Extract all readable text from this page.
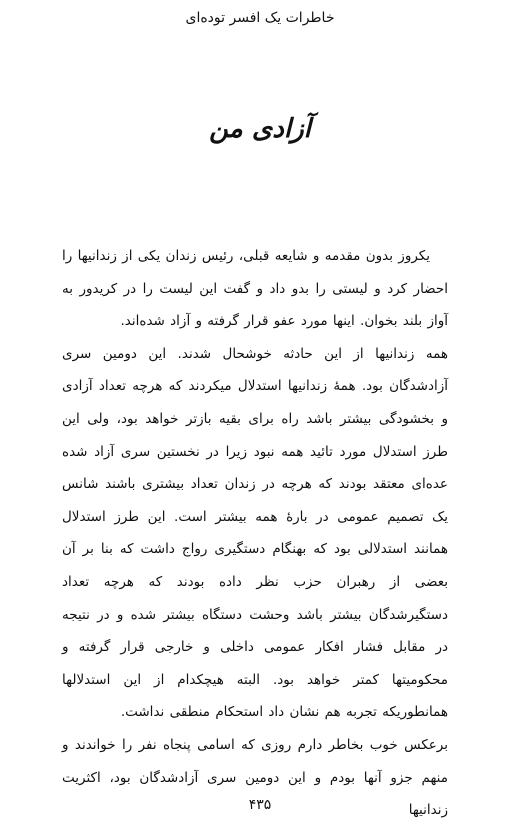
خاطرات یک افسر توده‌ای
آزادی من

یکروز بدون مقدمه و شایعه قبلی، رئیس زندان یکی از زندانیها را احضار کرد و لیستی را بدو داد و گفت این لیست را در کریدور به آواز بلند بخوان. اینها مورد عفو قرار گرفته و آزاد شده‌اند.

همه زندانیها از این حادثه خوشحال شدند. این دومین سری آزادشدگان بود. همهٔ زندانیها استدلال میکردند که هرچه تعداد آزادی و بخشودگی بیشتر باشد راه برای بقیه بازتر خواهد بود، ولی این طرز استدلال مورد تائید همه نبود زیرا در نخستین سری آزاد شده عده‌ای معتقد بودند که هرچه در زندان تعداد بیشتری باشند شانس یک تصمیم عمومی در بارهٔ همه بیشتر است. این طرز استدلال همانند استدلالی بود که بهنگام دستگیری رواج داشت که بنا بر آن بعضی از رهبران حزب نظر داده بودند که هرچه تعداد دستگیرشدگان بیشتر باشد وحشت دستگاه بیشتر شده و در نتیجه در مقابل فشار افکار عمومی داخلی و خارجی قرار گرفته و محکومیتها کمتر خواهد بود. البته هیچکدام از این استدلالها همانطوریکه تجربه هم نشان داد استحکام منطقی نداشت.

برعکس خوب بخاطر دارم روزی که اسامی پنجاه نفر را خواندند و منهم جزو آنها بودم و این دومین سری آزادشدگان بود، اکثریت زندانیها

۴۳۵
